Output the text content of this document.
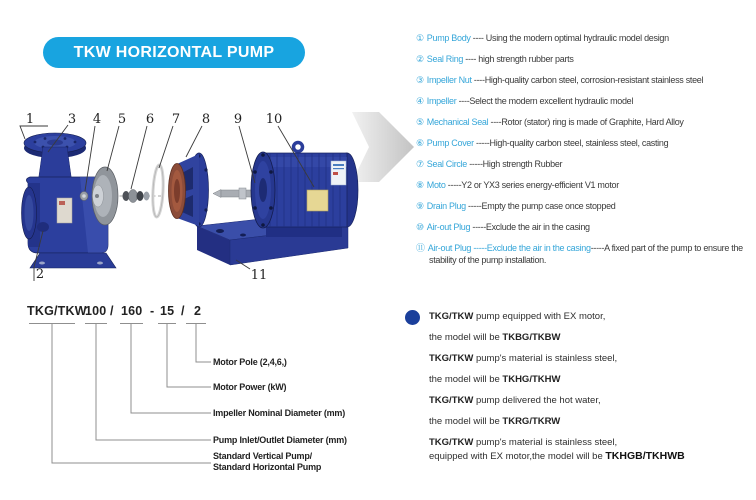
TKW HORIZONTAL PUMP
1
2
3 4 5 6 7 8 9 10
11
① Pump Body ---- Using the modern optimal hydraulic model design
② Seal Ring ---- high strength rubber parts
③ Impeller Nut ----High-quality carbon steel, corrosion-resistant stainless steel
④ Impeller ----Select the modern excellent hydraulic model
⑤ Mechanical Seal ----Rotor (stator) ring is made of Graphite, Hard Alloy
⑥ Pump Cover -----High-quality carbon steel, stainless steel, casting
⑦ Seal Circle -----High strength Rubber
⑧ Moto -----Y2 or YX3 series energy-efficient V1 motor
⑨ Drain Plug -----Empty the pump case once stopped
⑩ Air-out Plug -----Exclude the air in the casing
⑪ Air-out Plug -----Exclude the air in the casing-----A fixed part of the pump to ensure the stability of the pump installation.
TKG/TKW
100 / 160 - 15 / 2
Motor Pole (2,4,6,)
Motor Power (kW)
Impeller Nominal Diameter (mm)
Pump Inlet/Outlet Diameter (mm)
Standard Vertical Pump/
Standard Horizontal Pump
TKG/TKW pump equipped with EX motor,
the model will be TKBG/TKBW
TKG/TKW pump's material is stainless steel,
the model will be TKHG/TKHW
TKG/TKW pump delivered the hot water,
the model will be TKRG/TKRW
TKG/TKW pump's material is stainless steel,
equipped with EX motor,the model will be TKHGB/TKHWB
